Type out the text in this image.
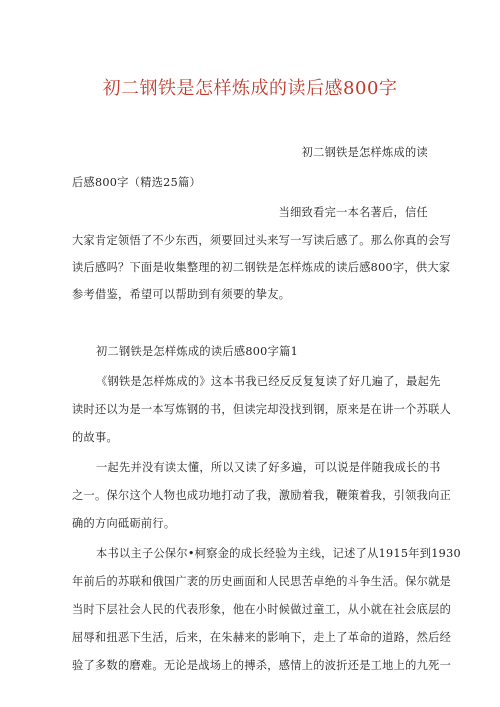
初二钢铁是怎样炼成的读后感800字
初二钢铁是怎样炼成的读
后感800字（精选25篇）
当细致看完一本名著后，信任
大家肯定领悟了不少东西，须要回过头来写一写读后感了。那么你真的会写
读后感吗？下面是收集整理的初二钢铁是怎样炼成的读后感800字，供大家
参考借鉴，希望可以帮助到有须要的挚友。
初二钢铁是怎样炼成的读后感800字篇1
《钢铁是怎样炼成的》这本书我已经反反复复读了好几遍了，最起先
读时还以为是一本写炼钢的书，但读完却没找到钢，原来是在讲一个苏联人
的故事。
一起先并没有读太懂，所以又读了好多遍，可以说是伴随我成长的书
之一。保尔这个人物也成功地打动了我，激励着我，鞭策着我，引领我向正
确的方向砥砺前行。
本书以主子公保尔•柯察金的成长经验为主线，记述了从1915年到1930
年前后的苏联和俄国广袤的历史画面和人民思苦卓绝的斗争生活。保尔就是
当时下层社会人民的代表形象，他在小时候做过童工，从小就在社会底层的
屈辱和扭恶下生活，后来，在朱赫来的影响下，走上了革命的道路，然后经
验了多数的磨难。无论是战场上的搏杀，感情上的波折还是工地上的九死一
